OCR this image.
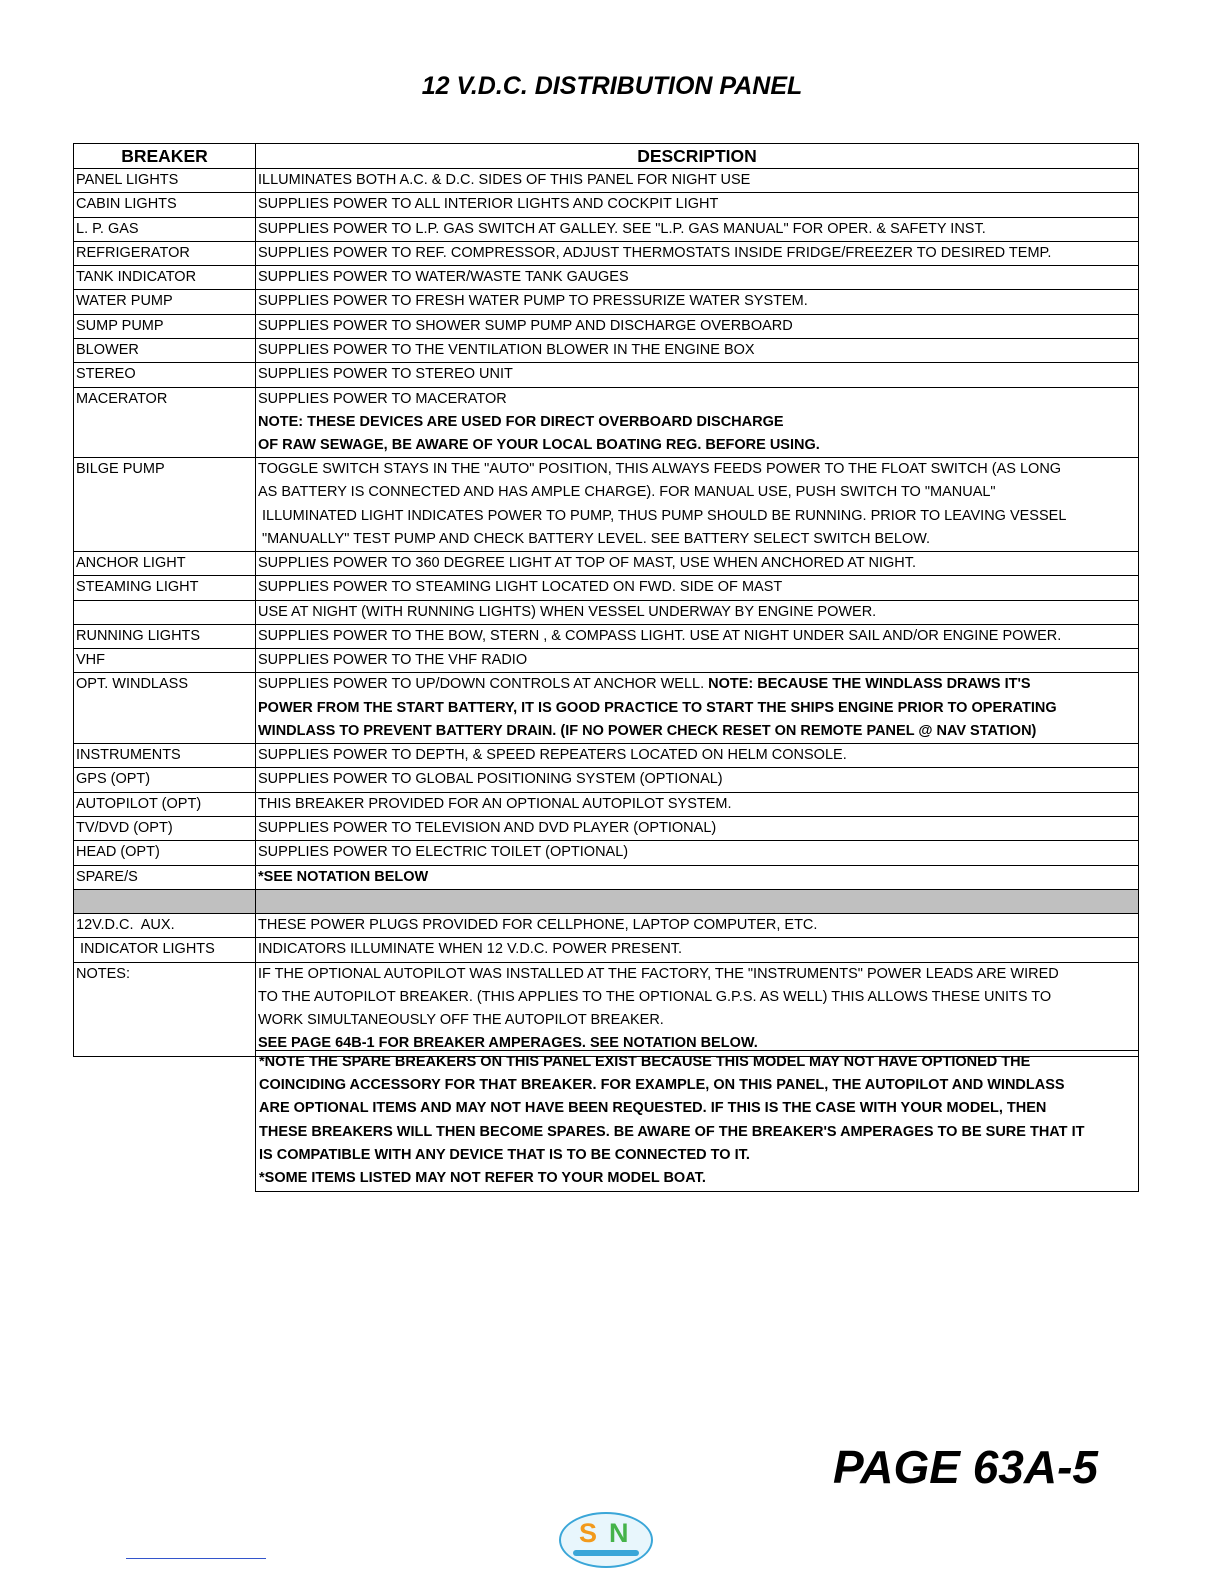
12 V.D.C. DISTRIBUTION PANEL
BREAKER	DESCRIPTION
PANEL LIGHTS	ILLUMINATES BOTH A.C. & D.C. SIDES OF THIS PANEL FOR NIGHT USE
CABIN LIGHTS	SUPPLIES POWER TO ALL INTERIOR LIGHTS AND COCKPIT LIGHT
L. P. GAS	SUPPLIES POWER TO L.P. GAS SWITCH AT GALLEY. SEE "L.P. GAS MANUAL" FOR OPER. & SAFETY INST.
REFRIGERATOR	SUPPLIES POWER TO REF. COMPRESSOR, ADJUST THERMOSTATS INSIDE FRIDGE/FREEZER TO DESIRED TEMP.
TANK INDICATOR	SUPPLIES POWER TO WATER/WASTE TANK GAUGES
WATER PUMP	SUPPLIES POWER TO FRESH WATER PUMP TO PRESSURIZE WATER SYSTEM.
SUMP PUMP	SUPPLIES POWER TO SHOWER SUMP PUMP AND DISCHARGE OVERBOARD
BLOWER	SUPPLIES POWER TO THE VENTILATION BLOWER IN THE ENGINE BOX
STEREO	SUPPLIES POWER TO STEREO UNIT
MACERATOR	SUPPLIES POWER TO MACERATOR
NOTE: THESE DEVICES ARE USED FOR DIRECT OVERBOARD DISCHARGE
OF RAW SEWAGE, BE AWARE OF YOUR LOCAL BOATING REG. BEFORE USING.

BILGE PUMP	TOGGLE SWITCH STAYS IN THE "AUTO" POSITION, THIS ALWAYS FEEDS POWER TO THE FLOAT SWITCH (AS LONG
AS BATTERY IS CONNECTED AND HAS AMPLE CHARGE). FOR MANUAL USE, PUSH SWITCH TO "MANUAL"
ILLUMINATED LIGHT INDICATES POWER TO PUMP, THUS PUMP SHOULD BE RUNNING. PRIOR TO LEAVING VESSEL
"MANUALLY" TEST PUMP AND CHECK BATTERY LEVEL. SEE BATTERY SELECT SWITCH BELOW.

ANCHOR LIGHT	SUPPLIES POWER TO 360 DEGREE LIGHT AT TOP OF MAST, USE WHEN ANCHORED AT NIGHT.
STEAMING LIGHT	SUPPLIES POWER TO STEAMING LIGHT LOCATED ON FWD. SIDE OF MAST
	USE AT NIGHT (WITH RUNNING LIGHTS) WHEN VESSEL UNDERWAY BY ENGINE POWER.
RUNNING LIGHTS	SUPPLIES POWER TO THE BOW, STERN , & COMPASS LIGHT. USE AT NIGHT UNDER SAIL AND/OR ENGINE POWER.
VHF	SUPPLIES POWER TO THE VHF RADIO
OPT. WINDLASS	SUPPLIES POWER TO UP/DOWN CONTROLS AT ANCHOR WELL. NOTE: BECAUSE THE WINDLASS DRAWS IT'S
POWER FROM THE START BATTERY, IT IS GOOD PRACTICE TO START THE SHIPS ENGINE PRIOR TO OPERATING
WINDLASS TO PREVENT BATTERY DRAIN. (IF NO POWER CHECK RESET ON REMOTE PANEL @ NAV STATION)

INSTRUMENTS	SUPPLIES POWER TO DEPTH, & SPEED REPEATERS LOCATED ON HELM CONSOLE.
GPS (OPT)	SUPPLIES POWER TO GLOBAL POSITIONING SYSTEM (OPTIONAL)
AUTOPILOT (OPT)	THIS BREAKER PROVIDED FOR AN OPTIONAL AUTOPILOT SYSTEM.
TV/DVD (OPT)	SUPPLIES POWER TO TELEVISION AND DVD PLAYER (OPTIONAL)
HEAD (OPT)	SUPPLIES POWER TO ELECTRIC TOILET (OPTIONAL)
SPARE/S	*SEE NOTATION BELOW

12V.D.C.  AUX.	THESE POWER PLUGS PROVIDED FOR CELLPHONE, LAPTOP COMPUTER, ETC.
INDICATOR LIGHTS	INDICATORS ILLUMINATE WHEN 12 V.D.C. POWER PRESENT.
NOTES:	IF THE OPTIONAL AUTOPILOT WAS INSTALLED AT THE FACTORY, THE "INSTRUMENTS" POWER LEADS ARE WIRED
TO THE AUTOPILOT BREAKER. (THIS APPLIES TO THE OPTIONAL G.P.S. AS WELL) THIS ALLOWS THESE UNITS TO
WORK SIMULTANEOUSLY OFF THE AUTOPILOT BREAKER.
SEE PAGE 64B-1 FOR BREAKER AMPERAGES. SEE NOTATION BELOW.
*NOTE THE SPARE BREAKERS ON THIS PANEL EXIST BECAUSE THIS MODEL MAY NOT HAVE OPTIONED THE
COINCIDING ACCESSORY FOR THAT BREAKER. FOR EXAMPLE, ON THIS PANEL, THE AUTOPILOT AND WINDLASS
ARE OPTIONAL ITEMS AND MAY NOT HAVE BEEN REQUESTED. IF THIS IS THE CASE WITH YOUR MODEL, THEN
THESE BREAKERS WILL THEN BECOME SPARES. BE AWARE OF THE BREAKER'S AMPERAGES TO BE SURE THAT IT
IS COMPATIBLE WITH ANY DEVICE THAT IS TO BE CONNECTED TO IT.
*SOME ITEMS LISTED MAY NOT REFER TO YOUR MODEL BOAT.
PAGE 63A-5
S N
